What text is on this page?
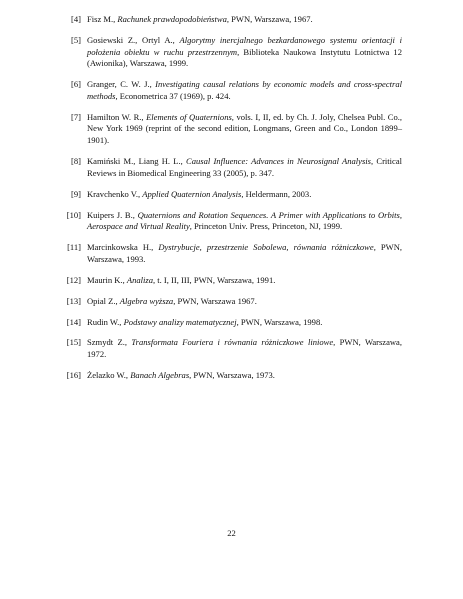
[4] Fisz M., Rachunek prawdopodobieństwa, PWN, Warszawa, 1967.
[5] Gosiewski Z., Ortyl A., Algorytmy inercjalnego bezkardanowego systemu orientacji i położenia obiektu w ruchu przestrzennym, Biblioteka Naukowa Instytutu Lotnictwa 12 (Awionika), Warszawa, 1999.
[6] Granger, C. W. J., Investigating causal relations by economic models and cross-spectral methods, Econometrica 37 (1969), p. 424.
[7] Hamilton W. R., Elements of Quaternions, vols. I, II, ed. by Ch. J. Joly, Chelsea Publ. Co., New York 1969 (reprint of the second edition, Longmans, Green and Co., London 1899–1901).
[8] Kamiński M., Liang H. L., Causal Influence: Advances in Neurosignal Analysis, Critical Reviews in Biomedical Engineering 33 (2005), p. 347.
[9] Kravchenko V., Applied Quaternion Analysis, Heldermann, 2003.
[10] Kuipers J. B., Quaternions and Rotation Sequences. A Primer with Applications to Orbits, Aerospace and Virtual Reality, Princeton Univ. Press, Princeton, NJ, 1999.
[11] Marcinkowska H., Dystrybucje, przestrzenie Sobolewa, równania różniczkowe, PWN, Warszawa, 1993.
[12] Maurin K., Analiza, t. I, II, III, PWN, Warszawa, 1991.
[13] Opial Z., Algebra wyższa, PWN, Warszawa 1967.
[14] Rudin W., Podstawy analizy matematycznej, PWN, Warszawa, 1998.
[15] Szmydt Z., Transformata Fouriera i równania różniczkowe liniowe, PWN, Warszawa, 1972.
[16] Żelazko W., Banach Algebras, PWN, Warszawa, 1973.
22
